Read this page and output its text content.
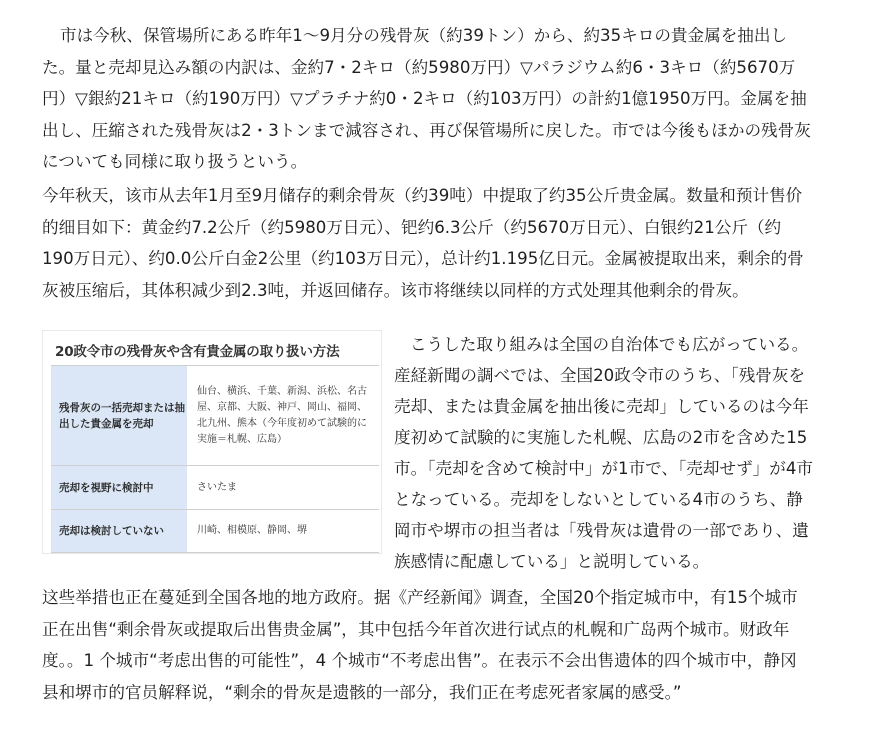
市は今秋、保管場所にある昨年1～9月分の残骨灰（約39トン）から、約35キロの貴金属を抽出した。量と売却見込み額の内訳は、金約7・2キロ（約5980万円）▽パラジウム約6・3キロ（約5670万円）▽銀約21キロ（約190万円）▽プラチナ約0・2キロ（約103万円）の計約1億1950万円。金属を抽出し、圧縮された残骨灰は2・3トンまで減容され、再び保管場所に戻した。市では今後もほかの残骨灰についても同様に取り扱うという。

今年秋天，该市从去年1月至9月储存的剩余骨灰（约39吨）中提取了约35公斤贵金属。数量和预计售价的细目如下：黄金约7.2公斤（约5980万日元）、钯约6.3公斤（约5670万日元）、白银约21公斤（约190万日元）、约0.0公斤白金2公里（约103万日元），总计约1.195亿日元。金属被提取出来，剩余的骨灰被压缩后，其体积减少到2.3吨，并返回储存。该市将继续以同样的方式处理其他剩余的骨灰。

20政令市の残骨灰や含有貴金属の取り扱い方法
残骨灰の一括売却または抽出した貴金属を売却
仙台、横浜、千葉、新潟、浜松、名古屋、京都、大阪、神戸、岡山、福岡、北九州、熊本（今年度初めて試験的に実施＝札幌、広島）
売却を視野に検討中	さいたま
売却は検討していない	川崎、相模原、静岡、堺

こうした取り組みは全国の自治体でも広がっている。産経新聞の調べでは、全国20政令市のうち、「残骨灰を売却、または貴金属を抽出後に売却」しているのは今年度初めて試験的に実施した札幌、広島の2市を含めた15市。「売却を含めて検討中」が1市で、「売却せず」が4市となっている。売却をしないとしている4市のうち、静岡市や堺市の担当者は「残骨灰は遺骨の一部であり、遺族感情に配慮している」と説明している。

这些举措也正在蔓延到全国各地的地方政府。据《产经新闻》调查，全国20个指定城市中，有15个城市正在出售“剩余骨灰或提取后出售贵金属”，其中包括今年首次进行试点的札幌和广岛两个城市。财政年度。。1 个城市“考虑出售的可能性”，4 个城市“不考虑出售”。在表示不会出售遗体的四个城市中，静冈县和堺市的官员解释说，“剩余的骨灰是遗骸的一部分，我们正在考虑死者家属的感受。”
